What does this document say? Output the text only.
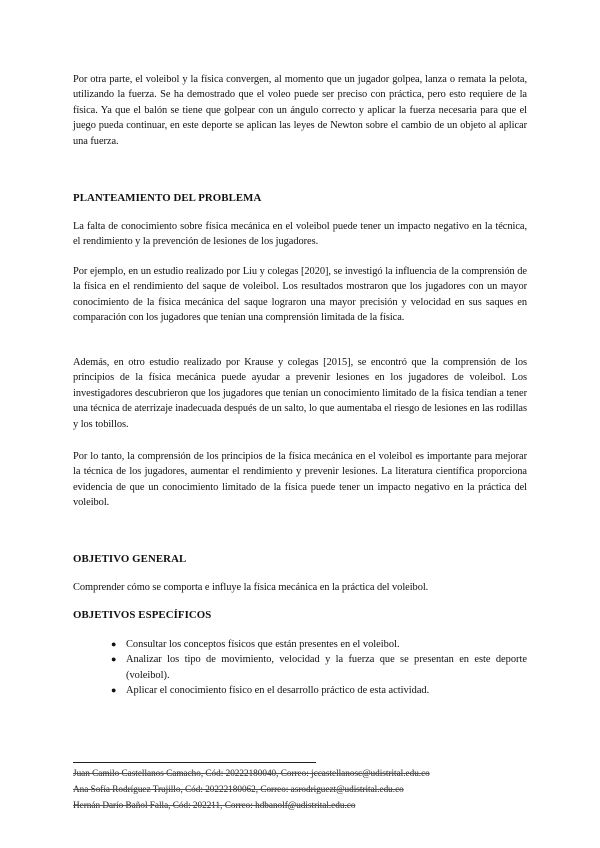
Por otra parte, el voleibol y la física convergen, al momento que un jugador golpea, lanza o remata la pelota, utilizando la fuerza. Se ha demostrado que el voleo puede ser preciso con práctica, pero esto requiere de la física. Ya que el balón se tiene que golpear con un ángulo correcto y aplicar la fuerza necesaria para que el juego pueda continuar, en este deporte se aplican las leyes de Newton sobre el cambio de un objeto al aplicar una fuerza.

PLANTEAMIENTO DEL PROBLEMA

La falta de conocimiento sobre física mecánica en el voleibol puede tener un impacto negativo en la técnica, el rendimiento y la prevención de lesiones de los jugadores.

Por ejemplo, en un estudio realizado por Liu y colegas [2020], se investigó la influencia de la comprensión de la física en el rendimiento del saque de voleibol. Los resultados mostraron que los jugadores con un mayor conocimiento de la física mecánica del saque lograron una mayor precisión y velocidad en sus saques en comparación con los jugadores que tenían una comprensión limitada de la física.

Además, en otro estudio realizado por Krause y colegas [2015], se encontró que la comprensión de los principios de la física mecánica puede ayudar a prevenir lesiones en los jugadores de voleibol. Los investigadores descubrieron que los jugadores que tenían un conocimiento limitado de la física tendían a tener una técnica de aterrizaje inadecuada después de un salto, lo que aumentaba el riesgo de lesiones en las rodillas y los tobillos.

Por lo tanto, la comprensión de los principios de la física mecánica en el voleibol es importante para mejorar la técnica de los jugadores, aumentar el rendimiento y prevenir lesiones. La literatura científica proporciona evidencia de que un conocimiento limitado de la física puede tener un impacto negativo en la práctica del voleibol.

OBJETIVO GENERAL

Comprender cómo se comporta e influye la física mecánica en la práctica del voleibol.

OBJETIVOS ESPECÍFICOS
● Consultar los conceptos físicos que están presentes en el voleibol.
● Analizar los tipo de movimiento, velocidad y la fuerza que se presentan en este deporte (voleibol).
● Aplicar el conocimiento físico en el desarrollo práctico de esta actividad.
Juan Camilo Castellanos Camacho, Cód: 20222180040, Correo: jccastellanosc@udistrital.edu.co
Ana Sofía Rodríguez Trujillo, Cód: 20222180062, Correo: asrodriguezt@udistrital.edu.co
Hernán Darío Bañol Falla, Cód: 202211, Correo: hdbanolf@udistrital.edu.co
